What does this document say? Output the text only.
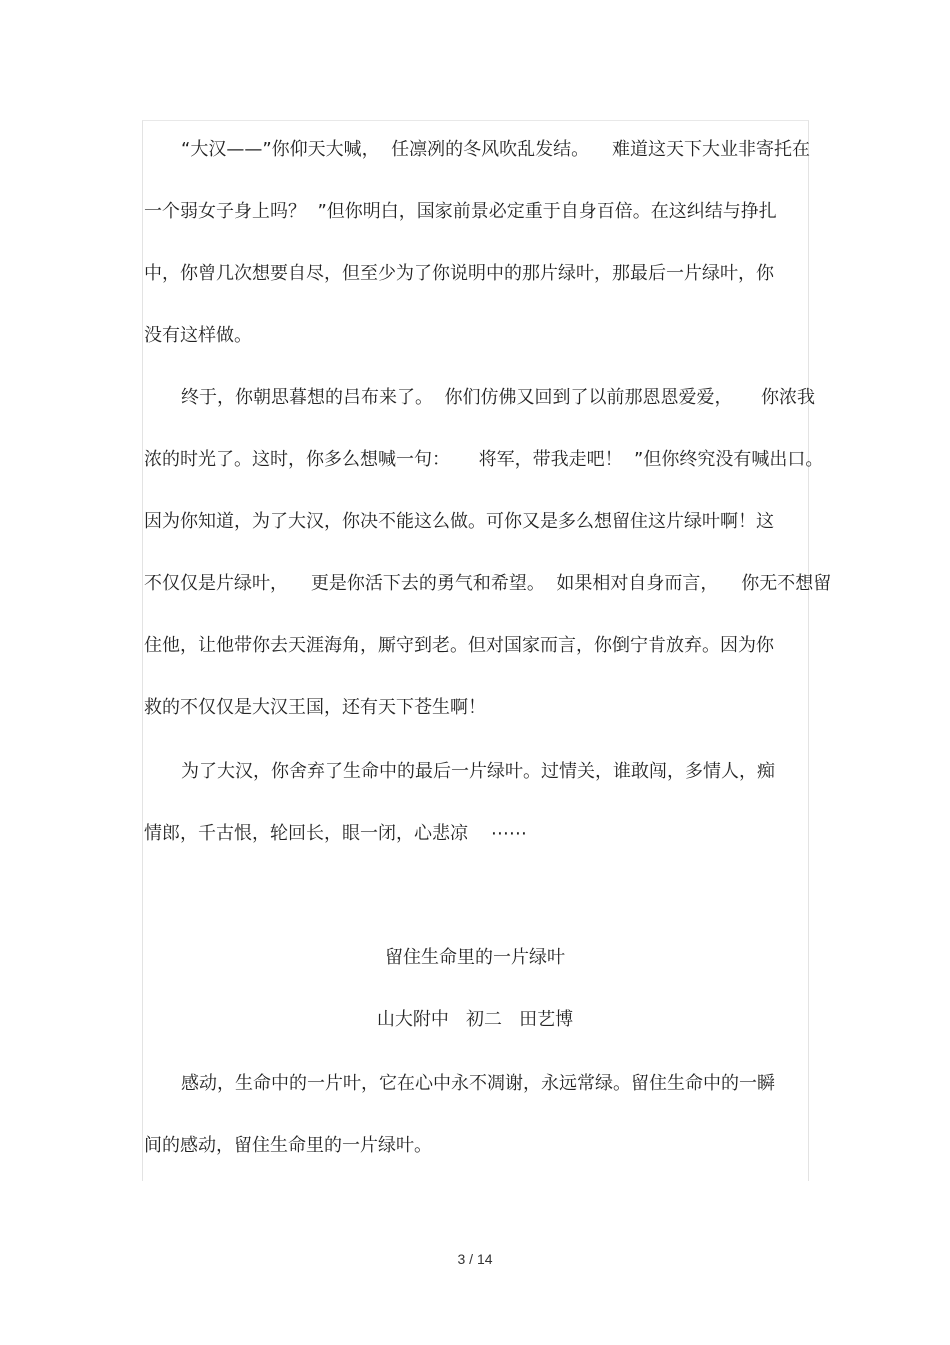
“大汉——”你仰天大喊，  任凛冽的冬风吹乱发结。    难道这天下大业非寄托在
一个弱女子身上吗？  ”但你明白，国家前景必定重于自身百倍。在这纠结与挣扎
中，你曾几次想要自尽，但至少为了你说明中的那片绿叶，那最后一片绿叶，你
没有这样做。
终于，你朝思暮想的吕布来了。  你们仿佛又回到了以前那恩恩爱爱，     你浓我
浓的时光了。这时，你多么想喊一句：     将军，带我走吧！  ”但你终究没有喊出口。
因为你知道，为了大汉，你决不能这么做。可你又是多么想留住这片绿叶啊！这
不仅仅是片绿叶，    更是你活下去的勇气和希望。  如果相对自身而言，    你无不想留
住他，让他带你去天涯海角，厮守到老。但对国家而言，你倒宁肯放弃。因为你
救的不仅仅是大汉王国，还有天下苍生啊！
为了大汉，你舍弃了生命中的最后一片绿叶。过情关，谁敢闯，多情人，痴
情郎，千古恨，轮回长，眼一闭，心悲凉    ⋯⋯
留住生命里的一片绿叶
山大附中   初二   田艺博
感动，生命中的一片叶，它在心中永不凋谢，永远常绿。留住生命中的一瞬
间的感动，留住生命里的一片绿叶。
3 / 14
